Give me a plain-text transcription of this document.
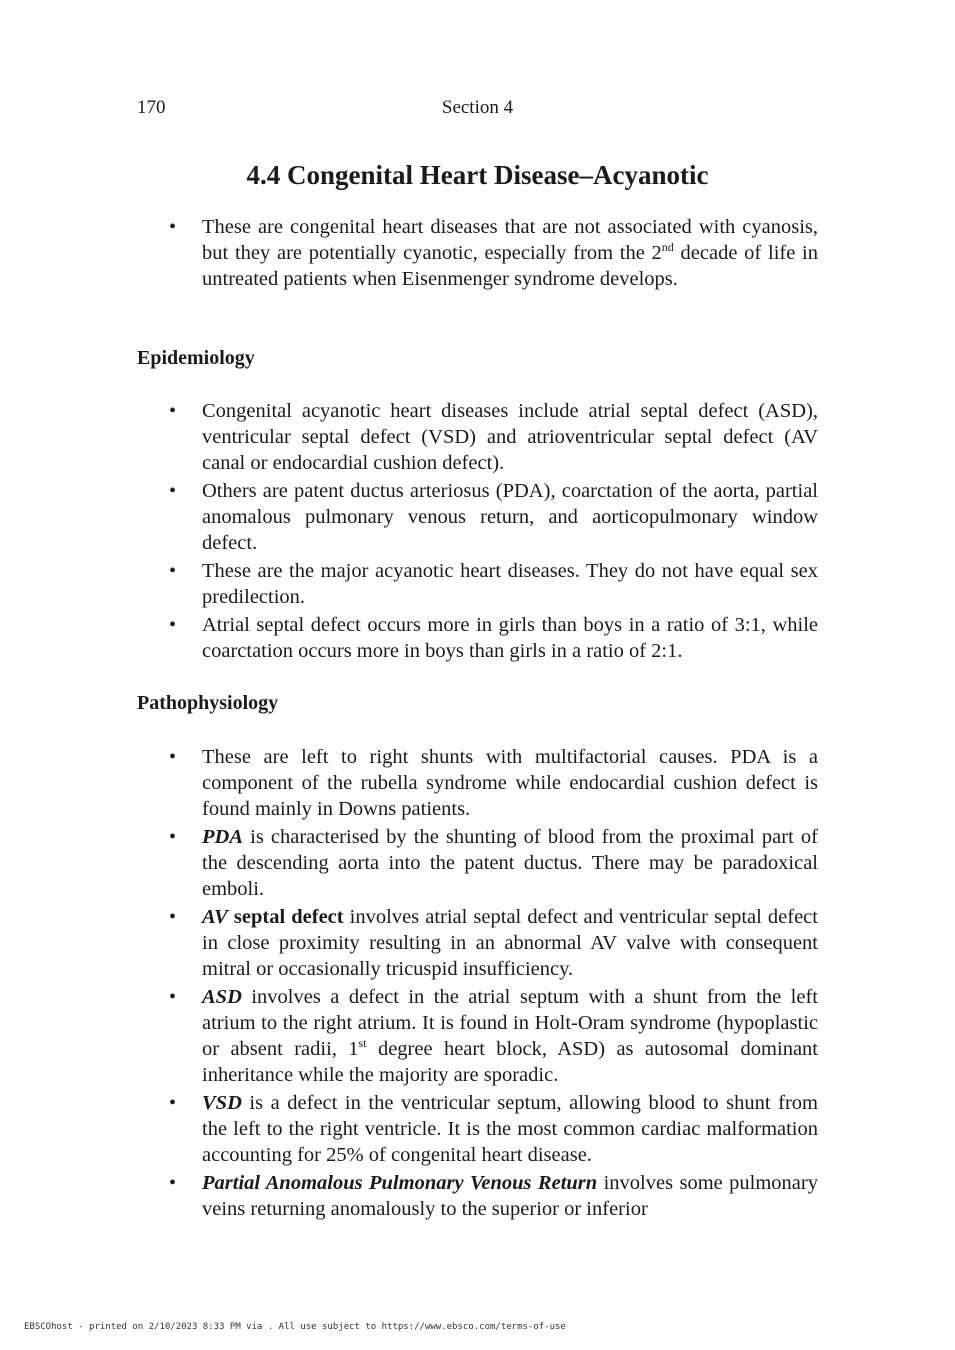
170	Section 4
4.4 Congenital Heart Disease–Acyanotic
• These are congenital heart diseases that are not associated with cyanosis, but they are potentially cyanotic, especially from the 2nd decade of life in untreated patients when Eisenmenger syndrome develops.
Epidemiology
• Congenital acyanotic heart diseases include atrial septal defect (ASD), ventricular septal defect (VSD) and atrioventricular septal defect (AV canal or endocardial cushion defect).
• Others are patent ductus arteriosus (PDA), coarctation of the aorta, partial anomalous pulmonary venous return, and aorticopulmonary window defect.
• These are the major acyanotic heart diseases. They do not have equal sex predilection.
• Atrial septal defect occurs more in girls than boys in a ratio of 3:1, while coarctation occurs more in boys than girls in a ratio of 2:1.
Pathophysiology
• These are left to right shunts with multifactorial causes. PDA is a component of the rubella syndrome while endocardial cushion defect is found mainly in Downs patients.
• PDA is characterised by the shunting of blood from the proximal part of the descending aorta into the patent ductus. There may be paradoxical emboli.
• AV septal defect involves atrial septal defect and ventricular septal defect in close proximity resulting in an abnormal AV valve with consequent mitral or occasionally tricuspid insufficiency.
• ASD involves a defect in the atrial septum with a shunt from the left atrium to the right atrium. It is found in Holt-Oram syndrome (hypoplastic or absent radii, 1st degree heart block, ASD) as autosomal dominant inheritance while the majority are sporadic.
• VSD is a defect in the ventricular septum, allowing blood to shunt from the left to the right ventricle. It is the most common cardiac malformation accounting for 25% of congenital heart disease.
• Partial Anomalous Pulmonary Venous Return involves some pulmonary veins returning anomalously to the superior or inferior
EBSCOhost - printed on 2/10/2023 8:33 PM via . All use subject to https://www.ebsco.com/terms-of-use
